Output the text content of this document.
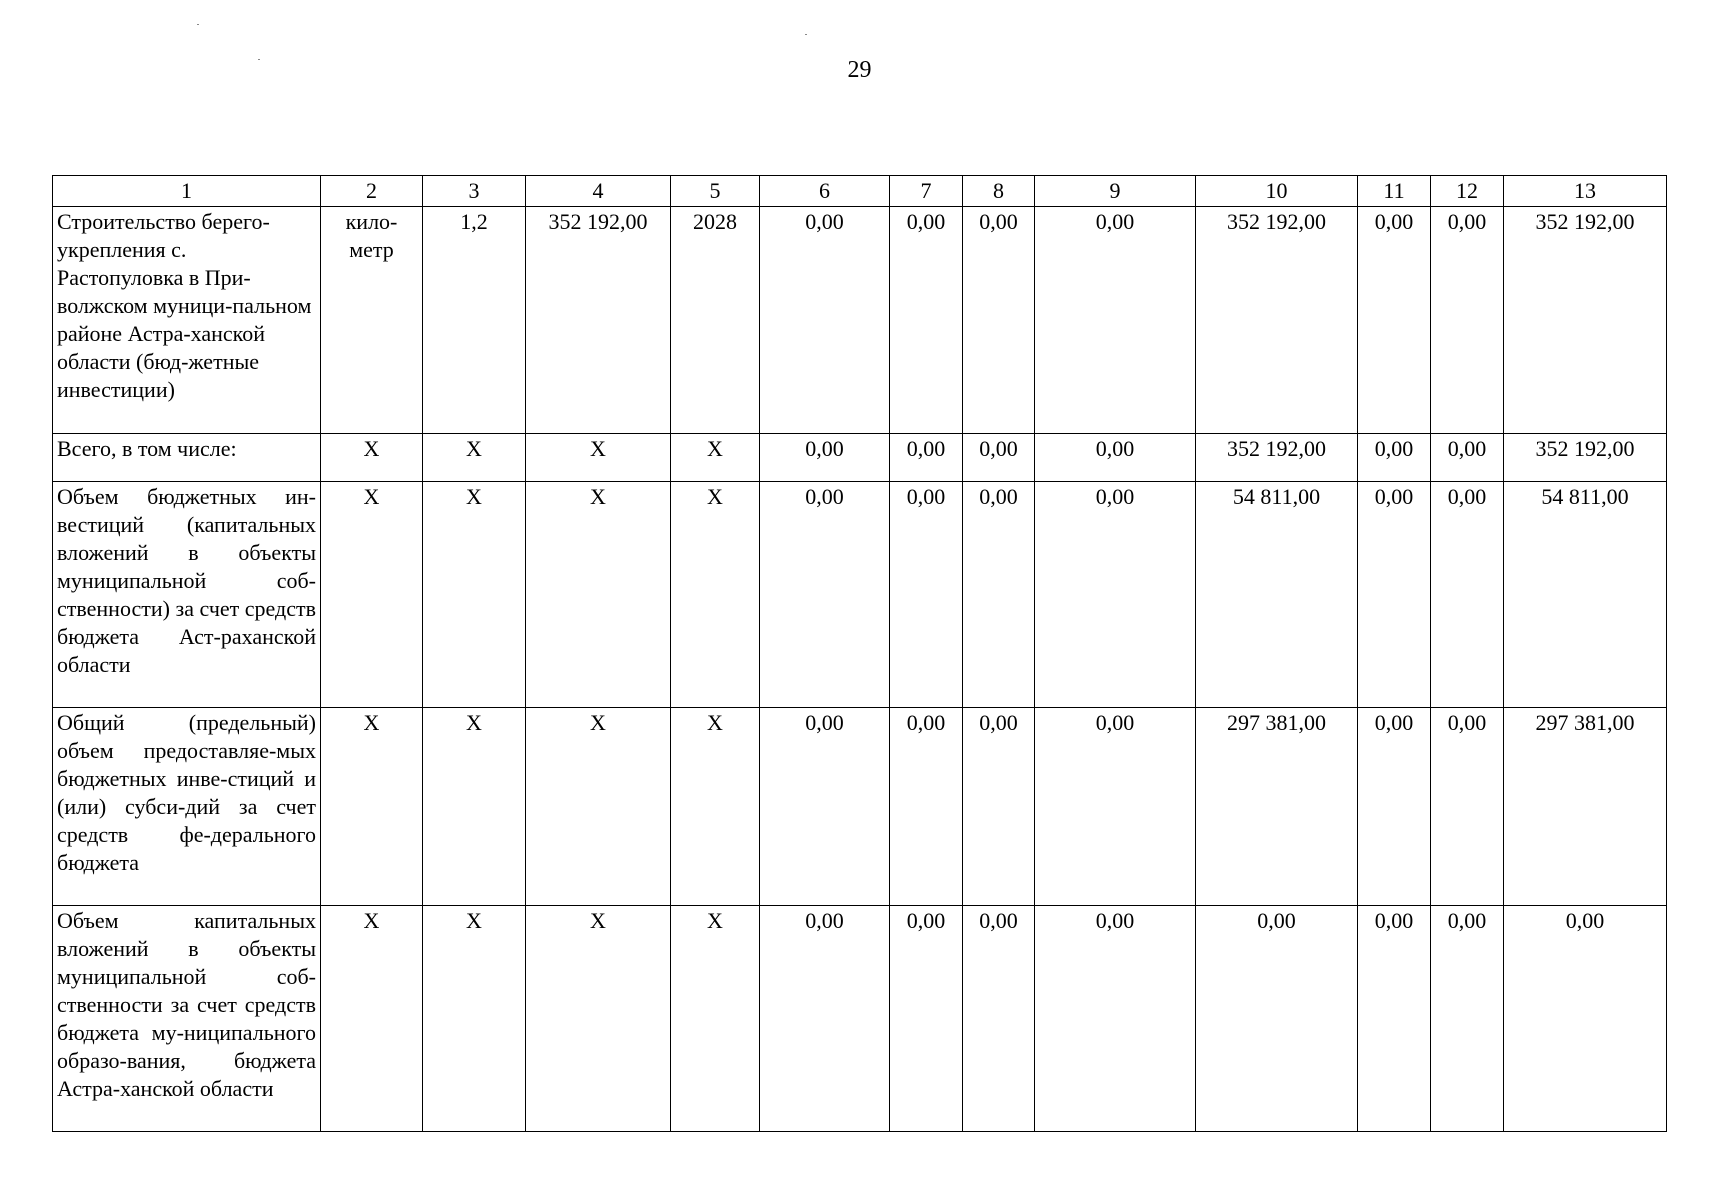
29
1	2	3	4	5	6	7	8	9	10	11	12	13
Строительство берего-укрепления с. Растопуловка в При-волжском муници-пальном районе Астра-ханской области (бюд-жетные инвестиции)	кило-метр	1,2	352 192,00	2028	0,00	0,00	0,00	0,00	352 192,00	0,00	0,00	352 192,00
Всего, в том числе:	Х	Х	Х	Х	0,00	0,00	0,00	0,00	352 192,00	0,00	0,00	352 192,00
Объем бюджетных ин-вестиций (капитальных вложений в объекты муниципальной соб-ственности) за счет средств бюджета Аст-раханской области	Х	Х	Х	Х	0,00	0,00	0,00	0,00	54 811,00	0,00	0,00	54 811,00
Общий (предельный) объем предоставляе-мых бюджетных инве-стиций и (или) субси-дий за счет средств фе-дерального бюджета	Х	Х	Х	Х	0,00	0,00	0,00	0,00	297 381,00	0,00	0,00	297 381,00
Объем капитальных вложений в объекты муниципальной соб-ственности за счет средств бюджета му-ниципального образо-вания, бюджета Астра-ханской области	Х	Х	Х	Х	0,00	0,00	0,00	0,00	0,00	0,00	0,00	0,00
